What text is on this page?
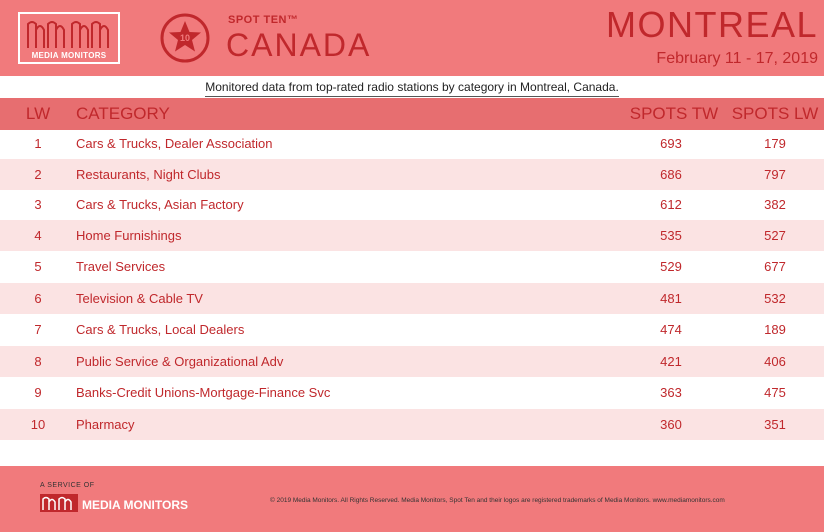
MEDIA MONITORS
10
SPOT TEN™
CANADA	MONTREAL
February 11 - 17, 2019
Monitored data from top-rated radio stations by category in Montreal, Canada.
LW	CATEGORY	SPOTS TW SPOTS LW
1	Cars & Trucks, Dealer Association	693	179
2	Restaurants, Night Clubs	686	797
3	Cars & Trucks, Asian Factory	612	382
4	Home Furnishings	535	527
5	Travel Services	529	677
6	Television & Cable TV	481	532
7	Cars & Trucks, Local Dealers	474	189
8	Public Service & Organizational Adv	421	406
9	Banks-Credit Unions-Mortgage-Finance Svc	363	475
10	Pharmacy	360	351
A SERVICE OF
MEDIA MONITORS	© 2019 Media Monitors. All Rights Reserved. Media Monitors, Spot Ten and their logos are registered trademarks of Media Monitors. www.mediamonitors.com
